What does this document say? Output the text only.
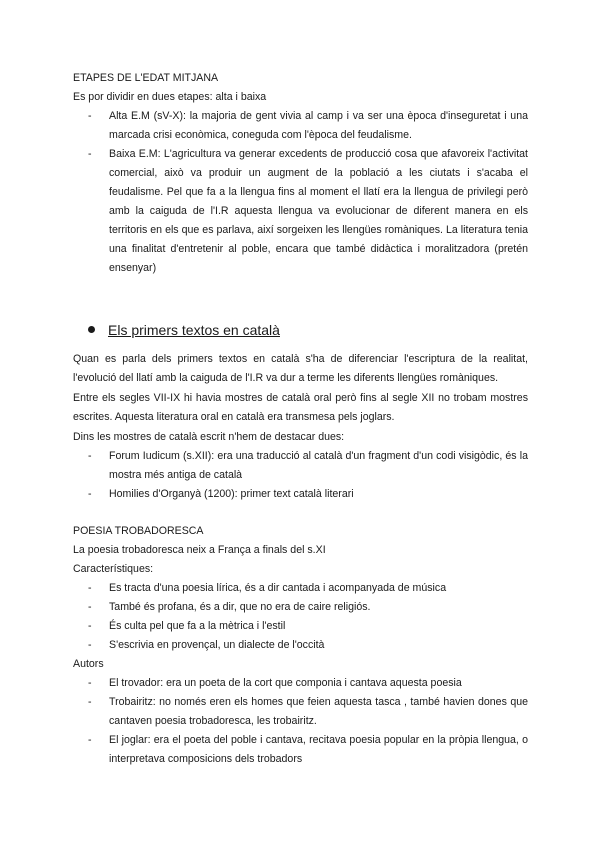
ETAPES DE L'EDAT MITJANA
Es por dividir en dues etapes: alta i baixa
- Alta E.M (sV-X): la majoria de gent vivia al camp i va ser una època d'inseguretat i una marcada crisi econòmica, coneguda com l'època del feudalisme.
- Baixa E.M: L'agricultura va generar excedents de producció cosa que afavoreix l'activitat comercial, això va produir un augment de la població a les ciutats i s'acaba el feudalisme. Pel que fa a la llengua fins al moment el llatí era la llengua de privilegi però amb la caiguda de l'I.R aquesta llengua va evolucionar de diferent manera en els territoris en els que es parlava, així sorgeixen les llengües romàniques. La literatura tenia una finalitat d'entretenir al poble, encara que també didàctica i moralitzadora (pretén ensenyar)
Els primers textos en català
Quan es parla dels primers textos en català s'ha de diferenciar l'escriptura de la realitat, l'evolució del llatí amb la caiguda de l'I.R va dur a terme les diferents llengües romàniques.
Entre els segles VII-IX hi havia mostres de català oral però fins al segle XII no trobam mostres escrites. Aquesta literatura oral en català era transmesa pels joglars.
Dins les mostres de català escrit n'hem de destacar dues:
- Forum Iudicum (s.XII): era una traducció al català d'un fragment d'un codi visigòdic, és la mostra més antiga de català
- Homilies d'Organyà (1200): primer text català literari
POESIA TROBADORESCA
La poesia trobadoresca neix a França a finals del s.XI
Característiques:
- Es tracta d'una poesia lírica, és a dir cantada i acompanyada de música
- També és profana, és a dir, que no era de caire religiós.
- És culta pel que fa a la mètrica i l'estil
- S'escrivia en provençal, un dialecte de l'occità
Autors
- El trovador: era un poeta de la cort que componia i cantava aquesta poesia
- Trobairitz: no només eren els homes que feien aquesta tasca , també havien dones que cantaven poesia trobadoresca, les trobairitz.
- El joglar: era el poeta del poble i cantava, recitava poesia popular en la pròpia llengua, o interpretava composicions dels trobadors
